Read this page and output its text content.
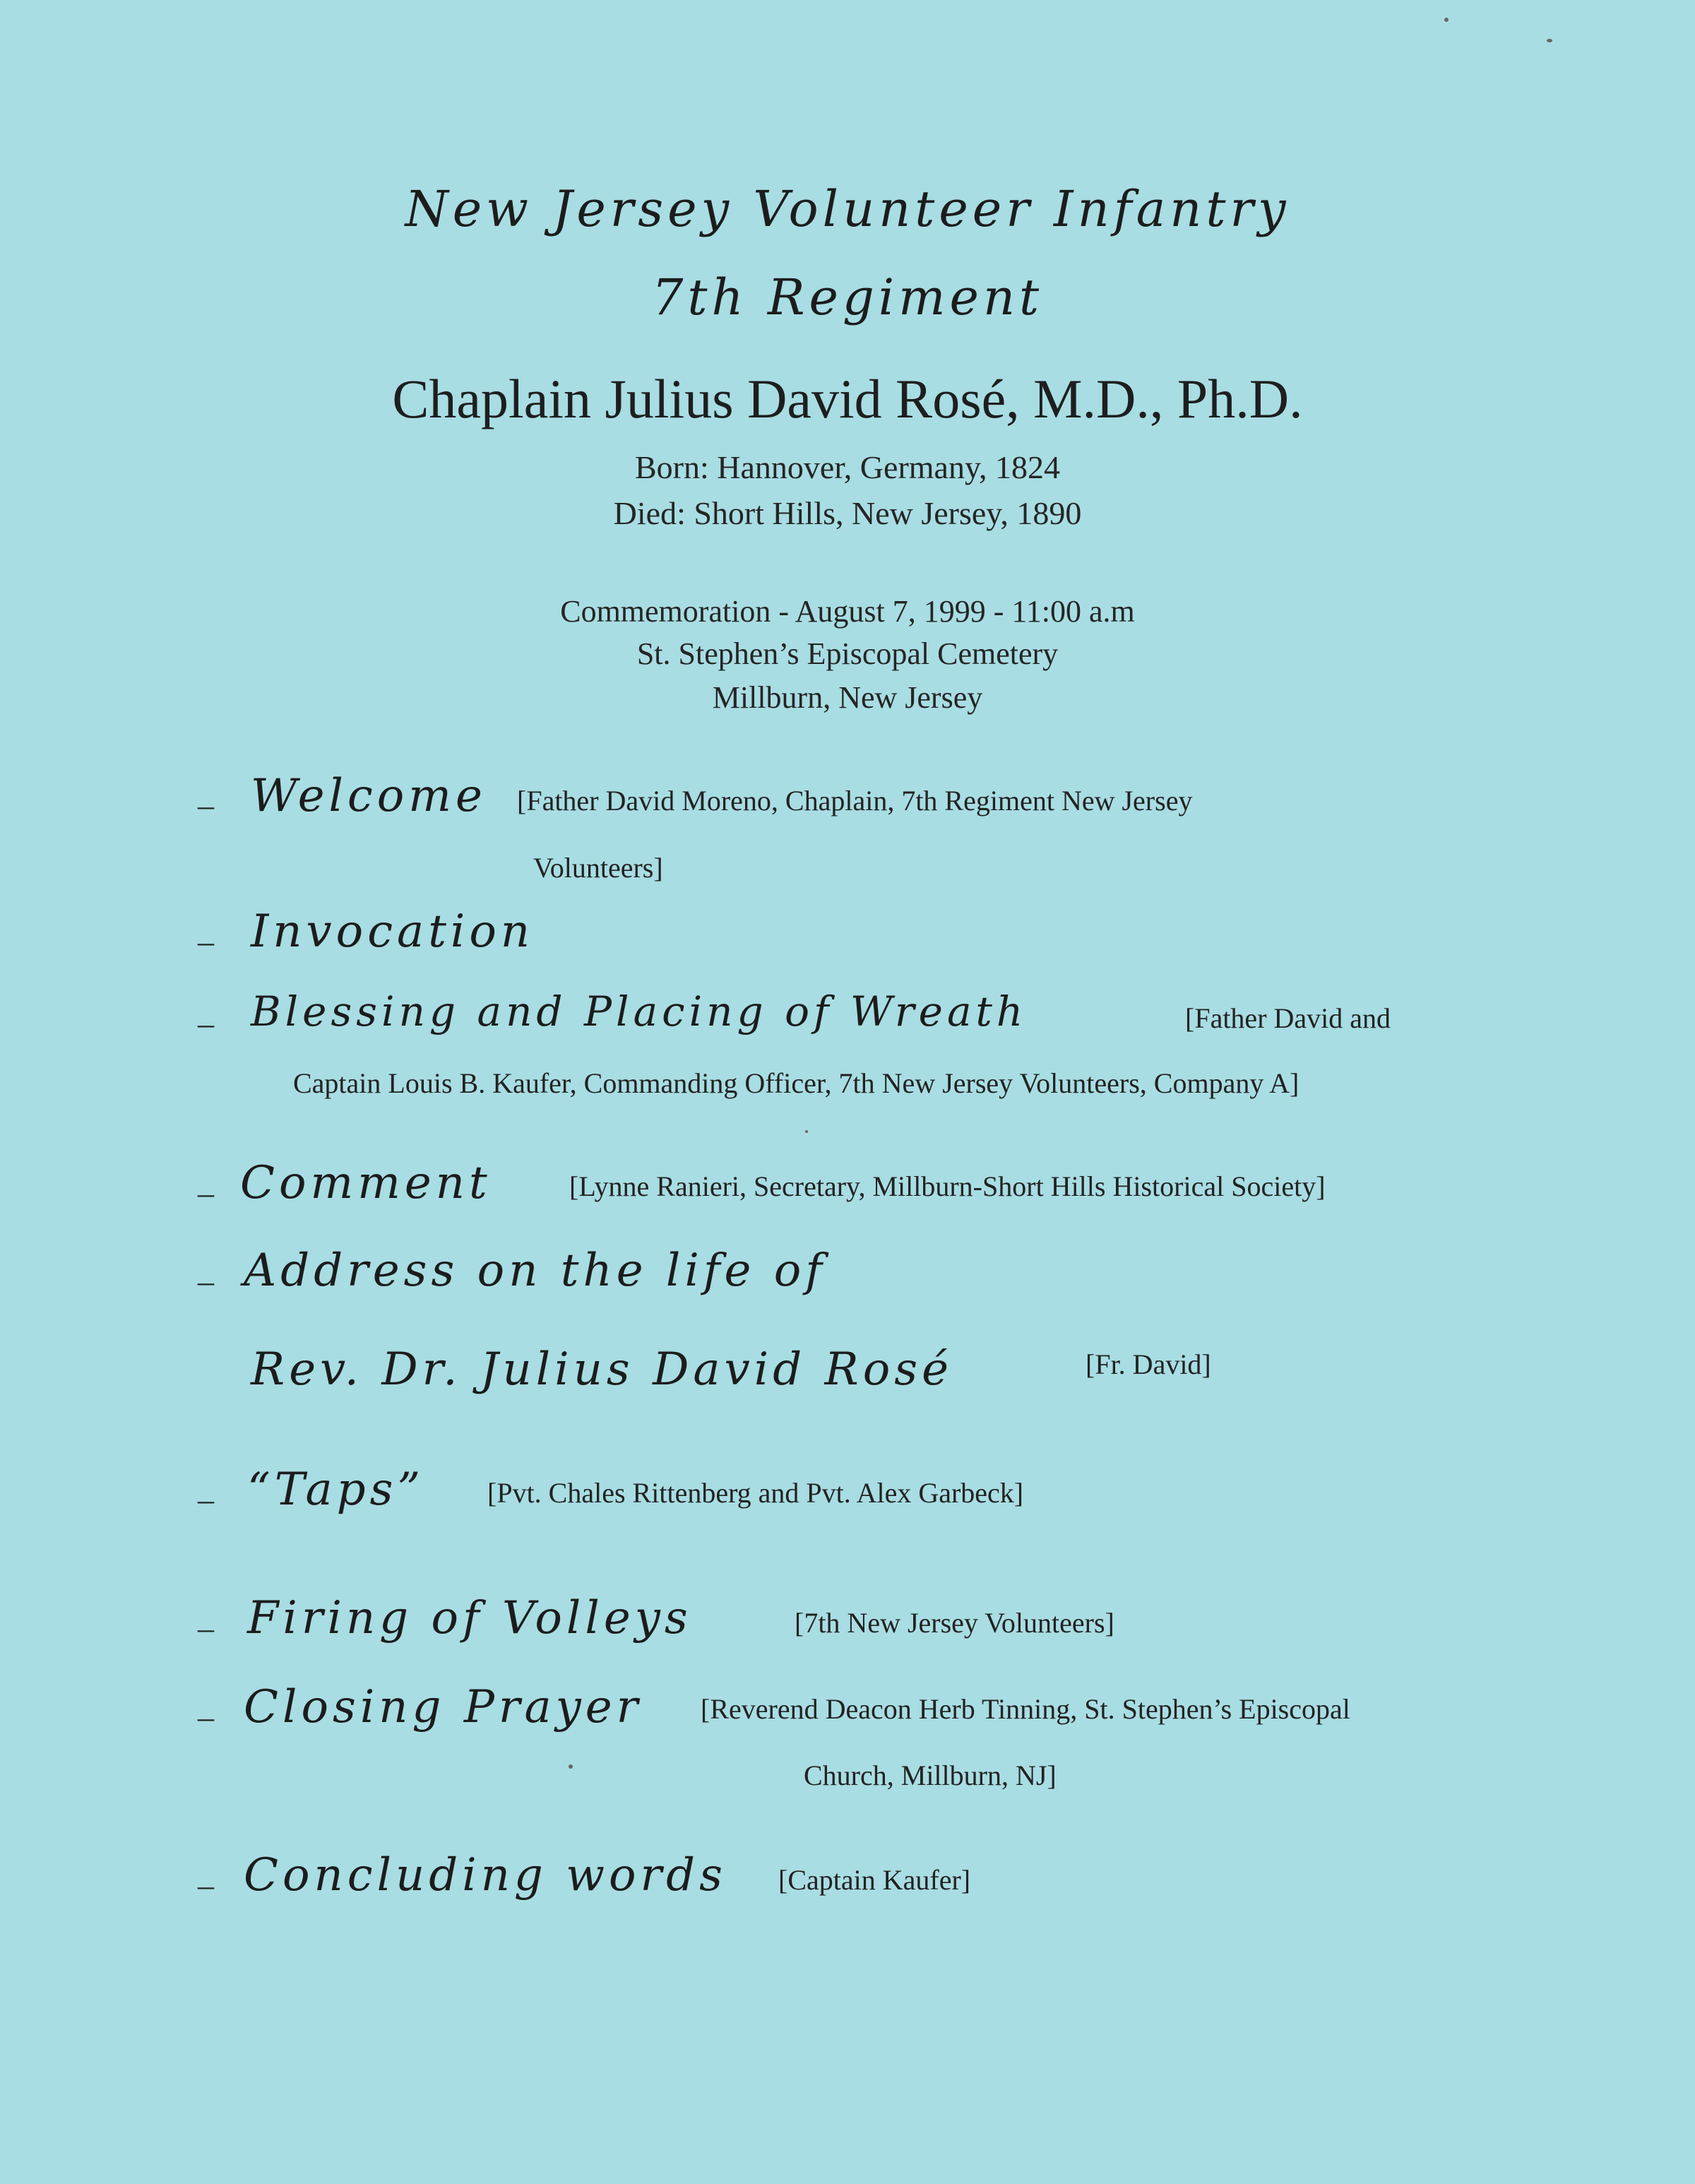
New Jersey Volunteer Infantry
7th Regiment
Chaplain Julius David Rosé, M.D., Ph.D.
Born: Hannover, Germany, 1824
Died: Short Hills, New Jersey, 1890
Commemoration - August 7, 1999 - 11:00 a.m
St. Stephen’s Episcopal Cemetery
Millburn, New Jersey
– Welcome [Father David Moreno, Chaplain, 7th Regiment New Jersey
Volunteers]
– Invocation
– Blessing and Placing of Wreath	[Father David and
Captain Louis B. Kaufer, Commanding Officer, 7th New Jersey Volunteers, Company A]
– Comment	[Lynne Ranieri, Secretary, Millburn-Short Hills Historical Society]
– Address on the life of
Rev. Dr. Julius David Rosé	[Fr. David]
– “Taps” [Pvt. Chales Rittenberg and Pvt. Alex Garbeck]
– Firing of Volleys	[7th New Jersey Volunteers]
– Closing Prayer [Reverend Deacon Herb Tinning, St. Stephen’s Episcopal
Church, Millburn, NJ]
– Concluding words [Captain Kaufer]
